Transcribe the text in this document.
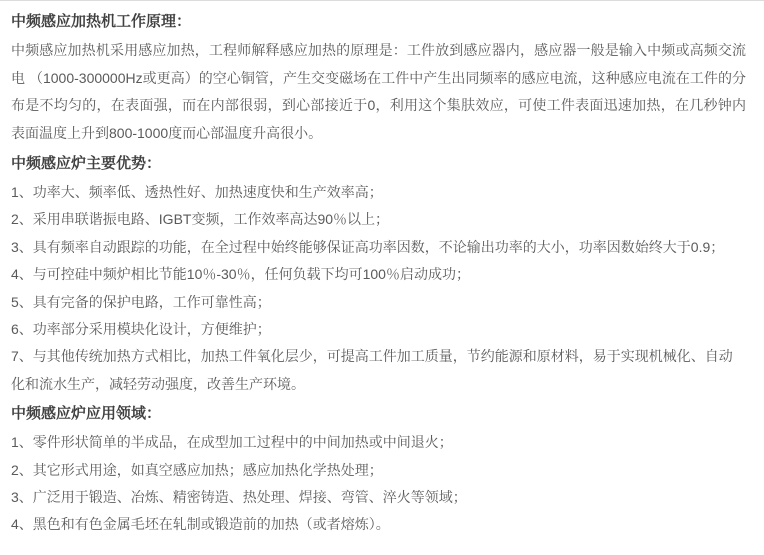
中频感应加热机工作原理：

中频感应加热机采用感应加热，工程师解释感应加热的原理是：工件放到感应器内，感应器一般是输入中频或高频交流电 （1000-300000Hz或更高）的空心铜管，产生交变磁场在工件中产生出同频率的感应电流，这种感应电流在工件的分布是不均匀的，在表面强，而在内部很弱，到心部接近于0，利用这个集肤效应，可使工件表面迅速加热，在几秒钟内表面温度上升到800-1000度而心部温度升高很小。

中频感应炉主要优势：

1、功率大、频率低、透热性好、加热速度快和生产效率高；

2、采用串联谐振电路、IGBT变频，工作效率高达90％以上；

3、具有频率自动跟踪的功能，在全过程中始终能够保证高功率因数，不论输出功率的大小，功率因数始终大于0.9；

4、与可控硅中频炉相比节能10％-30％，任何负载下均可100％启动成功；

5、具有完备的保护电路，工作可靠性高；

6、功率部分采用模块化设计，方便维护；

7、与其他传统加热方式相比，加热工件氧化层少，可提高工件加工质量，节约能源和原材料，易于实现机械化、自动化和流水生产，减轻劳动强度，改善生产环境。

中频感应炉应用领域：

1、零件形状简单的半成品，在成型加工过程中的中间加热或中间退火；

2、其它形式用途，如真空感应加热；感应加热化学热处理；

3、广泛用于锻造、冶炼、精密铸造、热处理、焊接、弯管、淬火等领域；

4、黑色和有色金属毛坯在轧制或锻造前的加热（或者熔炼）。
